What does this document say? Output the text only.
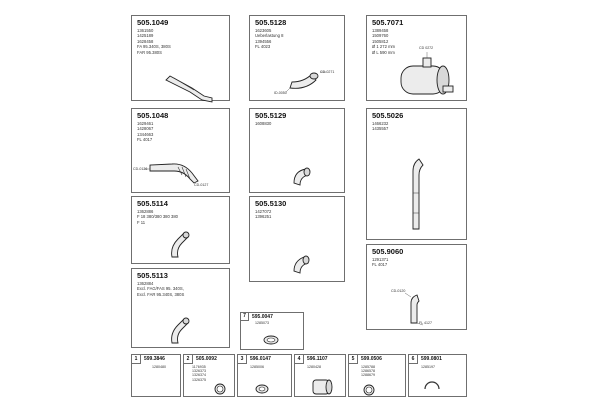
505.1049
1361550
1425189
1628458
FA 95.340S, 380S
FAR 95.380S
505.5128
1623605
Ueberlastung 8
1394556
FL 4023
CD-0271
ID-0050
505.7071
1389458
1509760
1505812
Ø 1 272 mm
Ø L 590 mm
CD 0272
505.1048
1629461
1428067
1344663
FL 4017
CD-0126
CD-0127
505.5129
1608830
505.5026
1466232
1435557
505.5114
1362886
F 18 380/380 380 380
F 11
505.5130
1427072
1396251
505.9060
1291371
FL 4017
CD-0120
FL 4127
505.5113
1362884
Excl. FAG/FAS 95. 340S,
Excl. FAR 95.340S, 380S
7	595.0047
1285073
1	599.3846
1280480
2	505.0092
1176935
1326373
1326374
1326375
3	596.0147
1285006
4	596.1107
1280428
5	599.0506
1285788
1286578
1288679
6	599.0801
1285197
